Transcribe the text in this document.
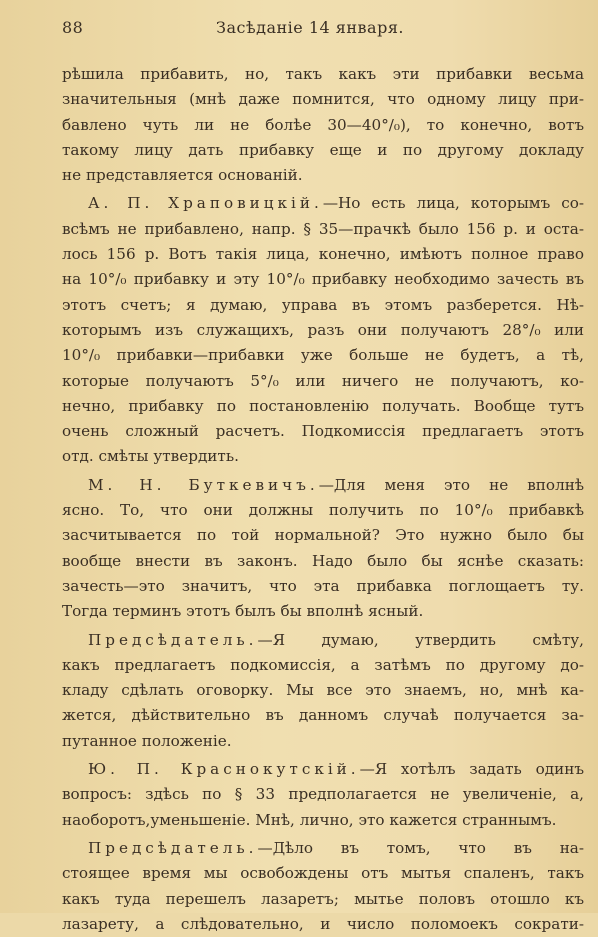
88	Засѣданіе 14 января.
рѣшила прибавить, но, такъ какъ эти прибавки весьма
значительныя (мнѣ даже помнится, что одному лицу при-
бавлено чуть ли не болѣе 30—40°/₀), то конечно, вотъ
такому лицу дать прибавку еще и по другому докладу
не представляется основаній.
А. П. Храповицкій.—Но есть лица, которымъ со-
всѣмъ не прибавлено, напр. § 35—прачкѣ было 156 р. и оста-
лось 156 р. Вотъ такія лица, конечно, имѣютъ полное право
на 10°/₀ прибавку и эту 10°/₀ прибавку необходимо зачесть въ
этотъ счетъ; я думаю, управа въ этомъ разберется. Нѣ-
которымъ изъ служащихъ, разъ они получаютъ 28°/₀ или
10°/₀ прибавки—прибавки уже больше не будетъ, а тѣ,
которые получаютъ 5°/₀ или ничего не получаютъ, ко-
нечно, прибавку по постановленію получать. Вообще тутъ
очень сложный расчетъ. Подкомиссія предлагаетъ этотъ
отд. смѣты утвердить.
М. Н. Буткевичъ.—Для меня это не вполнѣ
ясно. То, что они должны получить по 10°/₀ прибавкѣ
засчитывается по той нормальной? Это нужно было бы
вообще внести въ законъ. Надо было бы яснѣе сказать:
зачесть—это значитъ, что эта прибавка поглощаетъ ту.
Тогда терминъ этотъ былъ бы вполнѣ ясный.
Предсѣдатель.—Я думаю, утвердить смѣту,
какъ предлагаетъ подкомиссія, а затѣмъ по другому до-
кладу сдѣлать оговорку. Мы все это знаемъ, но, мнѣ ка-
жется, дѣйствительно въ данномъ случаѣ получается за-
путанное положеніе.
Ю. П. Краснокутскій.—Я хотѣлъ задать одинъ
вопросъ: здѣсь по § 33 предполагается не увеличеніе, а,
наоборотъ,уменьшеніе. Мнѣ, лично, это кажется страннымъ.
Предсѣдатель.—Дѣло въ томъ, что въ на-
стоящее время мы освобождены отъ мытья спаленъ, такъ
какъ туда перешелъ лазаретъ; мытье половъ отошло къ
лазарету, а слѣдовательно, и число поломоекъ сократи-
